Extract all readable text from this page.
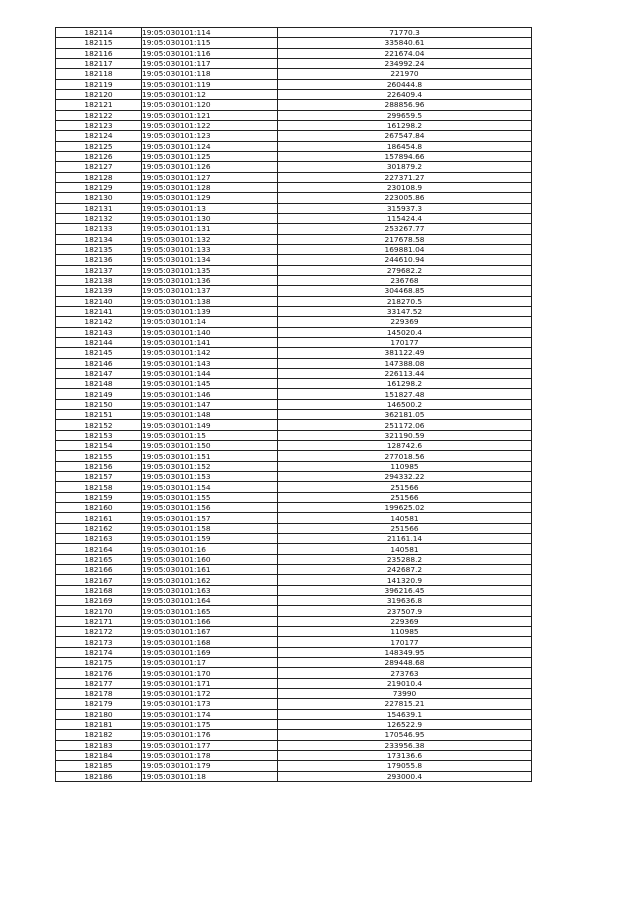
182114	19:05:030101:114	71770.3
182115	19:05:030101:115	335840.61
182116	19:05:030101:116	221674.04
182117	19:05:030101:117	234992.24
182118	19:05:030101:118	221970
182119	19:05:030101:119	260444.8
182120	19:05:030101:12	226409.4
182121	19:05:030101:120	288856.96
182122	19:05:030101:121	299659.5
182123	19:05:030101:122	161298.2
182124	19:05:030101:123	267547.84
182125	19:05:030101:124	186454.8
182126	19:05:030101:125	157894.66
182127	19:05:030101:126	301879.2
182128	19:05:030101:127	227371.27
182129	19:05:030101:128	230108.9
182130	19:05:030101:129	223005.86
182131	19:05:030101:13	315937.3
182132	19:05:030101:130	115424.4
182133	19:05:030101:131	253267.77
182134	19:05:030101:132	217678.58
182135	19:05:030101:133	169881.04
182136	19:05:030101:134	244610.94
182137	19:05:030101:135	279682.2
182138	19:05:030101:136	236768
182139	19:05:030101:137	304468.85
182140	19:05:030101:138	218270.5
182141	19:05:030101:139	33147.52
182142	19:05:030101:14	229369
182143	19:05:030101:140	145020.4
182144	19:05:030101:141	170177
182145	19:05:030101:142	381122.49
182146	19:05:030101:143	147388.08
182147	19:05:030101:144	226113.44
182148	19:05:030101:145	161298.2
182149	19:05:030101:146	151827.48
182150	19:05:030101:147	146500.2
182151	19:05:030101:148	362181.05
182152	19:05:030101:149	251172.06
182153	19:05:030101:15	321190.59
182154	19:05:030101:150	128742.6
182155	19:05:030101:151	277018.56
182156	19:05:030101:152	110985
182157	19:05:030101:153	294332.22
182158	19:05:030101:154	251566
182159	19:05:030101:155	251566
182160	19:05:030101:156	199625.02
182161	19:05:030101:157	140581
182162	19:05:030101:158	251566
182163	19:05:030101:159	21161.14
182164	19:05:030101:16	140581
182165	19:05:030101:160	235288.2
182166	19:05:030101:161	242687.2
182167	19:05:030101:162	141320.9
182168	19:05:030101:163	396216.45
182169	19:05:030101:164	319636.8
182170	19:05:030101:165	237507.9
182171	19:05:030101:166	229369
182172	19:05:030101:167	110985
182173	19:05:030101:168	170177
182174	19:05:030101:169	148349.95
182175	19:05:030101:17	289448.68
182176	19:05:030101:170	273763
182177	19:05:030101:171	219010.4
182178	19:05:030101:172	73990
182179	19:05:030101:173	227815.21
182180	19:05:030101:174	154639.1
182181	19:05:030101:175	126522.9
182182	19:05:030101:176	170546.95
182183	19:05:030101:177	233956.38
182184	19:05:030101:178	173136.6
182185	19:05:030101:179	179055.8
182186	19:05:030101:18	293000.4
